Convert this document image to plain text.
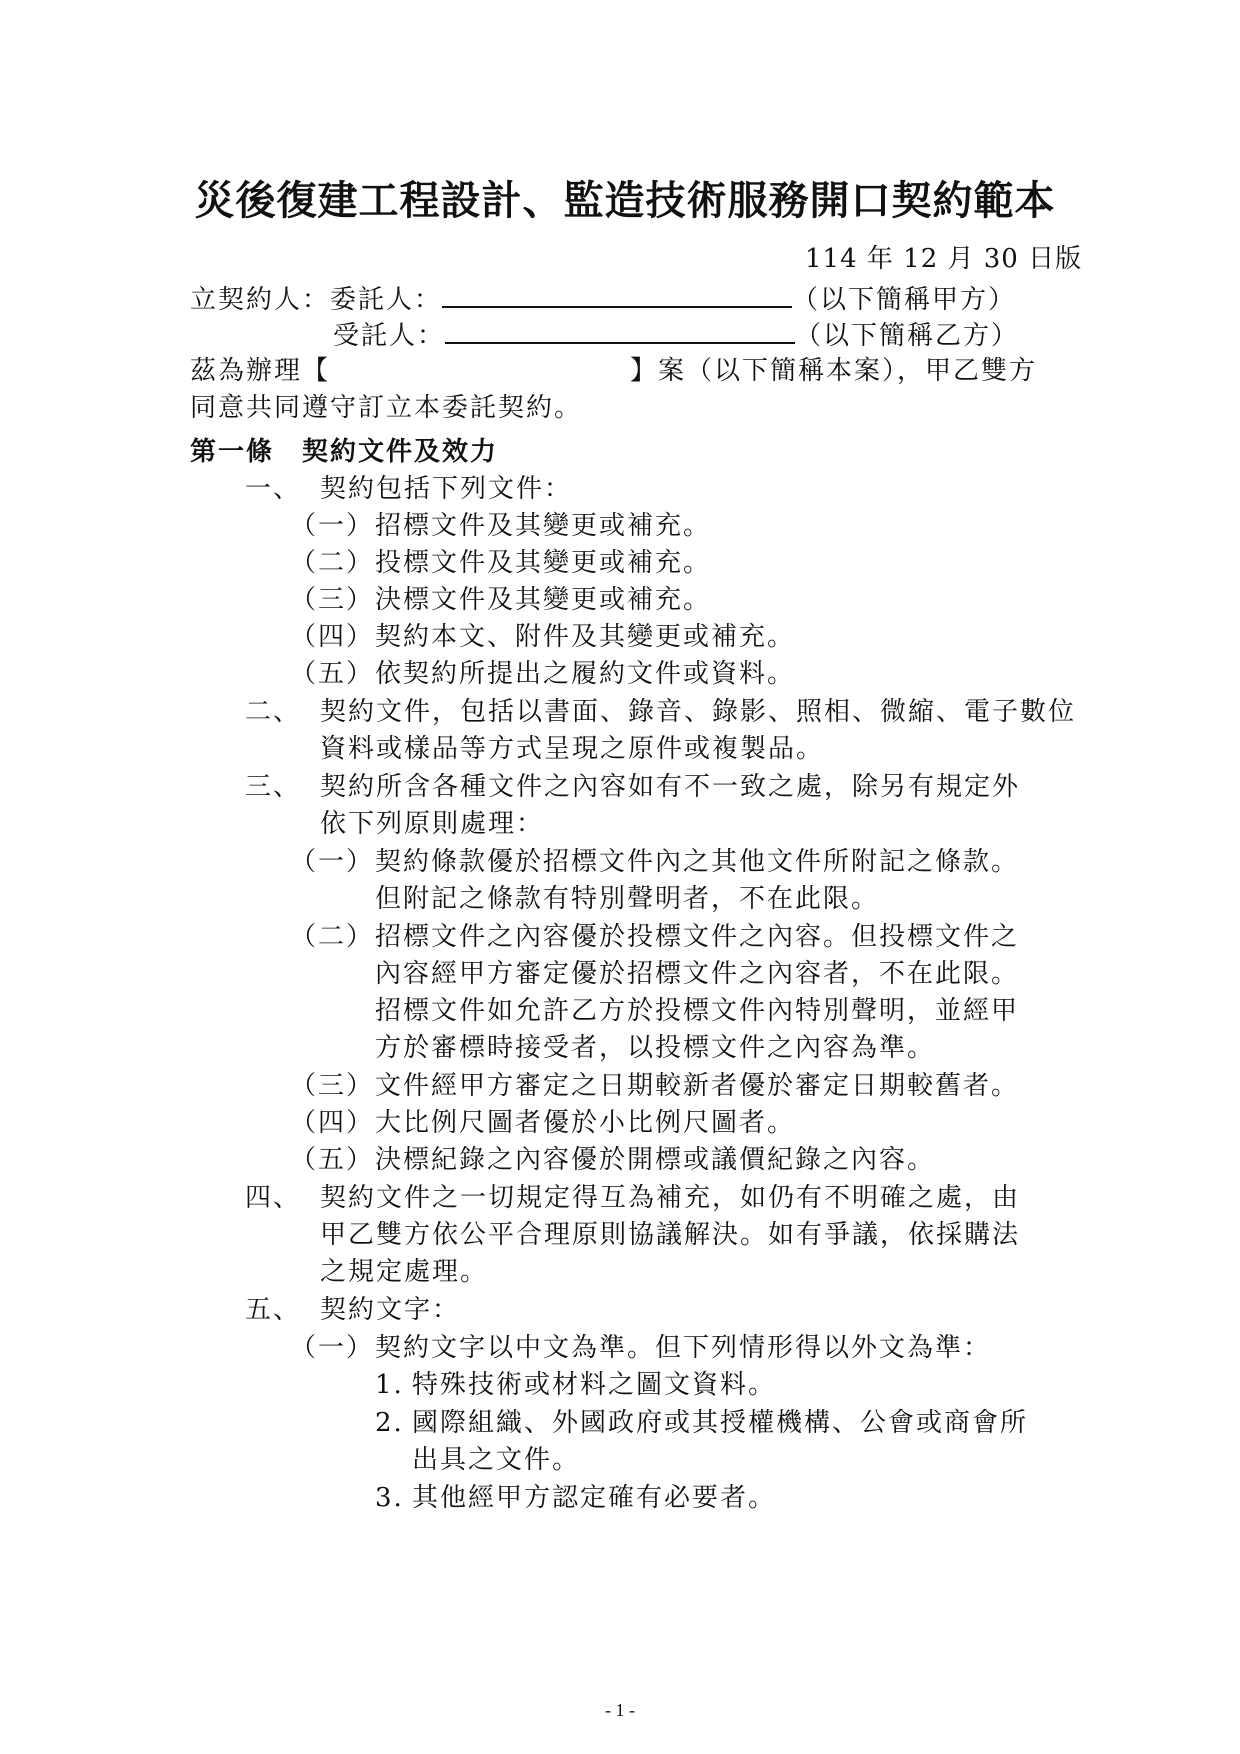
災後復建工程設計、監造技術服務開口契約範本
114 年 12 月 30 日版
立契約人：委託人：	（以下簡稱甲方）
受託人：	（以下簡稱乙方）
茲為辦理【	】案（以下簡稱本案），甲乙雙方
同意共同遵守訂立本委託契約。
第一條　契約文件及效力
一、 契約包括下列文件：
（一） 招標文件及其變更或補充。
（二） 投標文件及其變更或補充。
（三） 決標文件及其變更或補充。
（四） 契約本文、附件及其變更或補充。
（五） 依契約所提出之履約文件或資料。
二、 契約文件，包括以書面、錄音、錄影、照相、微縮、電子數位
資料或樣品等方式呈現之原件或複製品。
三、 契約所含各種文件之內容如有不一致之處，除另有規定外
依下列原則處理：
（一） 契約條款優於招標文件內之其他文件所附記之條款。
但附記之條款有特別聲明者，不在此限。
（二） 招標文件之內容優於投標文件之內容。但投標文件之
內容經甲方審定優於招標文件之內容者，不在此限。
招標文件如允許乙方於投標文件內特別聲明，並經甲
方於審標時接受者，以投標文件之內容為準。
（三） 文件經甲方審定之日期較新者優於審定日期較舊者。
（四） 大比例尺圖者優於小比例尺圖者。
（五） 決標紀錄之內容優於開標或議價紀錄之內容。
四、 契約文件之一切規定得互為補充，如仍有不明確之處，由
甲乙雙方依公平合理原則協議解決。如有爭議，依採購法
之規定處理。
五、 契約文字：
（一） 契約文字以中文為準。但下列情形得以外文為準：
1. 特殊技術或材料之圖文資料。
2. 國際組織、外國政府或其授權機構、公會或商會所
出具之文件。
3. 其他經甲方認定確有必要者。
- 1 -
